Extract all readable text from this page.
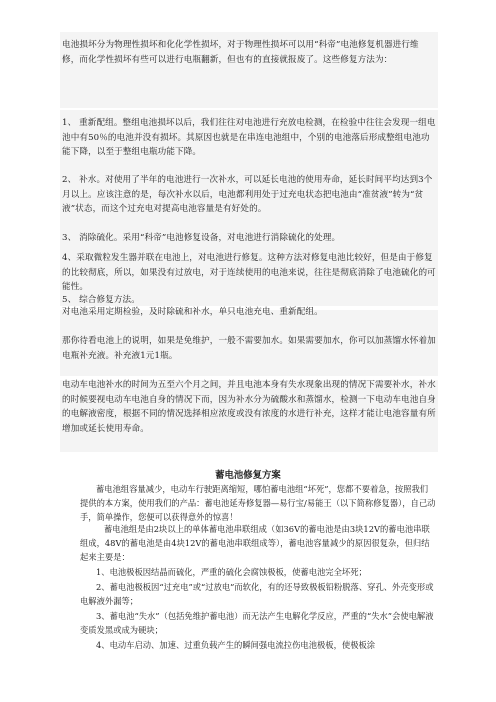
电池损坏分为物理性损坏和化化学性损坏，对于物理性损坏可以用“科帝”电池修复机器进行维修，而化学性损坏有些可以进行电瓶翻新，但也有的直接就报废了。这些修复方法为：

1、 重新配组。整组电池损坏以后，我们往往对电池进行充放电检测，在检验中往往会发现一组电池中有50％的电池并没有损坏。其原因也就是在串连电池组中，个别的电池落后形成整组电池功能下降，以至于整组电瓶功能下降。

2、 补水。对使用了半年的电池进行一次补水，可以延长电池的使用寿命，延长时间平均达到3个月以上。应该注意的是，每次补水以后，电池都利用处于过充电状态把电池由“准贫液”转为“贫液”状态，而这个过充电对提高电池容量是有好处的。

3、 消除硫化。采用“科帝”电池修复设备，对电池进行消除硫化的处理。

4、采取微粒发生器并联在电池上，对电池进行修复。这种方法对修复电池比较好，但是由于修复的比较彻底，所以，如果没有过放电，对于连续使用的电池来说，往往是彻底消除了电池硫化的可能性。

5、 综合修复方法。

对电池采用定期检验，及时除硫和补水，单只电池充电、重新配组。

那你待看电池上的说明，如果是免维护，一般不需要加水。如果需要加水，你可以加蒸馏水怀着加电瓶补充液。补充液1元1瓶。

电动车电池补水的时间为五至六个月之间，并且电池本身有失水现象出现的情况下需要补水，补水的时候要视电动车电池自身的情况下而，因为补水分为硫酸水和蒸馏水，检测一下电动车电池自身的电解液密度，根据不同的情况选择相应浓度或没有浓度的水进行补充，这样才能让电池容量有所增加或延长使用寿命。

蓄电池修复方案

蓄电池组容量减少，电动车行驶距离缩短，哪怕蓄电池组“坏死”，您都不要着急，按照我们提供的本方案，使用我们的产品：蓄电池延寿修复器—易行宝/易能王（以下简称修复器），自己动手，简单操作，您便可以获得意外的惊喜！

蓄电池组是由2块以上的单体蓄电池串联组成（如36V的蓄电池是由3块12V的蓄电池串联组成，48V的蓄电池是由4块12V的蓄电池串联组成等），蓄电池容量减少的原因很复杂，但归结起来主要是：

1、电池极板因结晶而硫化，严重的硫化会腐蚀极板，使蓄电池完全坏死；

2、蓄电池极板因“过充电”或“过放电”而软化，有的还导致极板铅粉脱落、穿孔、外壳变形或电解液外漏等；

3、蓄电池“失水”（包括免维护蓄电池）而无法产生电解化学反应，严重的“失水”会使电解液变质发黑或成为硬块；

4、电动车启动、加速、过重负载产生的瞬间强电流拉伤电池极板，使极板涂
